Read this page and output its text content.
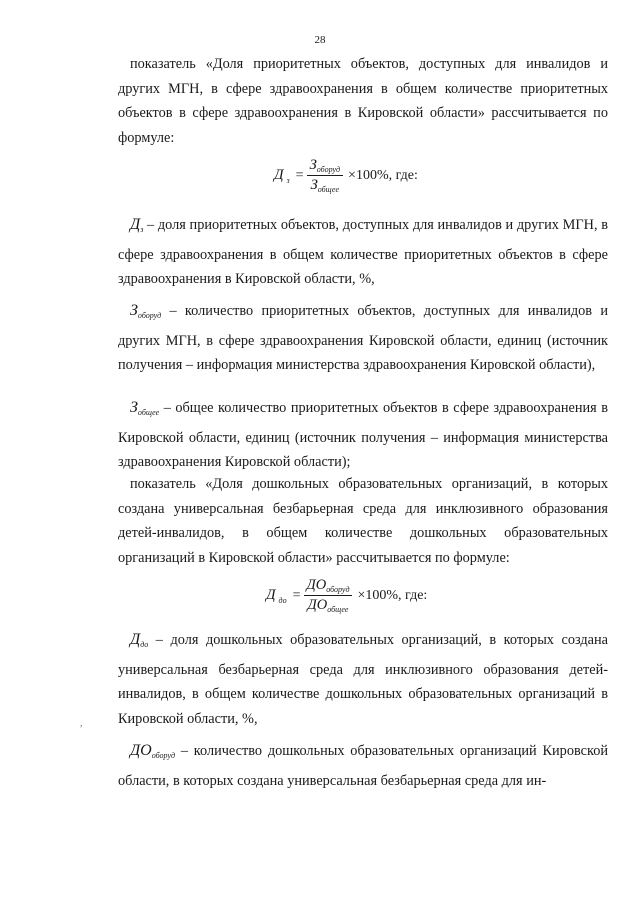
28

показатель «Доля приоритетных объектов, доступных для инвалидов и других МГН, в сфере здравоохранения в общем количестве приоритетных объектов в сфере здравоохранения в Кировской области» рассчитывается по формуле:

Д $_з = \frac{З_{оборуд}}{З_{общее}} \times 100\%$, где:

$Д_з$ – доля приоритетных объектов, доступных для инвалидов и других МГН, в сфере здравоохранения в общем количестве приоритетных объектов в сфере здравоохранения в Кировской области, %,

$З_{оборуд}$ – количество приоритетных объектов, доступных для инвалидов и других МГН, в сфере здравоохранения Кировской области, единиц (источник получения – информация министерства здравоохранения Кировской области),

$З_{общее}$ – общее количество приоритетных объектов в сфере здравоохранения в Кировской области, единиц (источник получения – информация министерства здравоохранения Кировской области);

показатель «Доля дошкольных образовательных организаций, в которых создана универсальная безбарьерная среда для инклюзивного образования детей-инвалидов, в общем количестве дошкольных образовательных организаций в Кировской области» рассчитывается по формуле:

Д $_{до} = \frac{ДО_{оборуд}}{ДО_{общее}} \times 100\%$, где:

$Д_{до}$ – доля дошкольных образовательных организаций, в которых создана универсальная безбарьерная среда для инклюзивного образования детей-инвалидов, в общем количестве дошкольных образовательных организаций в Кировской области, %,

$ДО_{оборуд}$ – количество дошкольных образовательных организаций Кировской области, в которых создана универсальная безбарьерная среда для ин-

,
